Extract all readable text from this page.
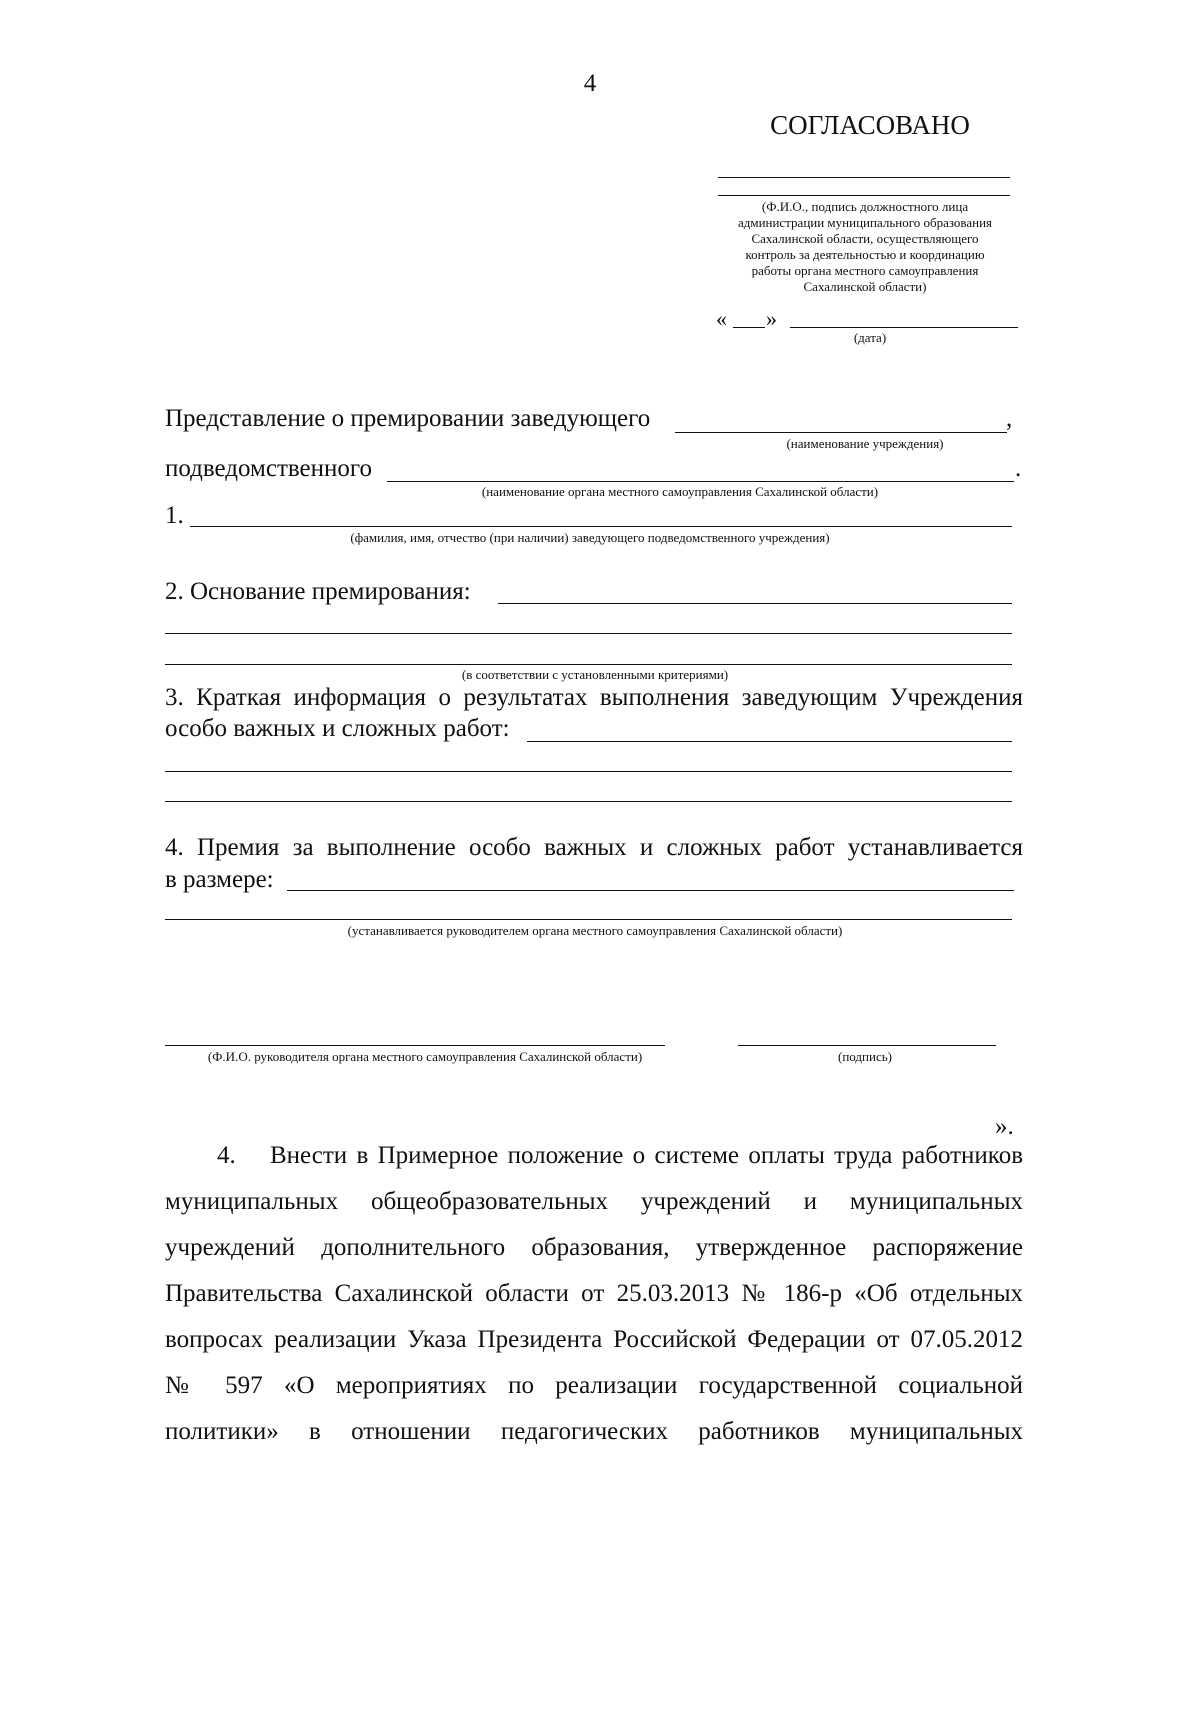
4
СОГЛАСОВАНО
(Ф.И.О., подпись должностного лица
администрации муниципального образования
Сахалинской области, осуществляющего
контроль за деятельностью и координацию
работы органа местного самоуправления
Сахалинской области)
« »
(дата)
Представление о премировании заведующего	,
(наименование учреждения)
подведомственного	.
(наименование органа местного самоуправления Сахалинской области)
1.
(фамилия, имя, отчество (при наличии) заведующего подведомственного учреждения)
2. Основание премирования:
(в соответствии с установленными критериями)
3. Краткая информация о результатах выполнения заведующим Учреждения
особо важных и сложных работ:
4. Премия за выполнение особо важных и сложных работ устанавливается
в размере:
(устанавливается руководителем органа местного самоуправления Сахалинской области)
(Ф.И.О. руководителя органа местного самоуправления Сахалинской области)	(подпись)
».
4. Внести в Примерное положение о системе оплаты труда работников
муниципальных общеобразовательных учреждений и муниципальных
учреждений дополнительного образования, утвержденное распоряжение
Правительства Сахалинской области от 25.03.2013 № 186-р «Об отдельных
вопросах реализации Указа Президента Российской Федерации от 07.05.2012
№ 597 «О мероприятиях по реализации государственной социальной
политики» в отношении педагогических работников муниципальных
